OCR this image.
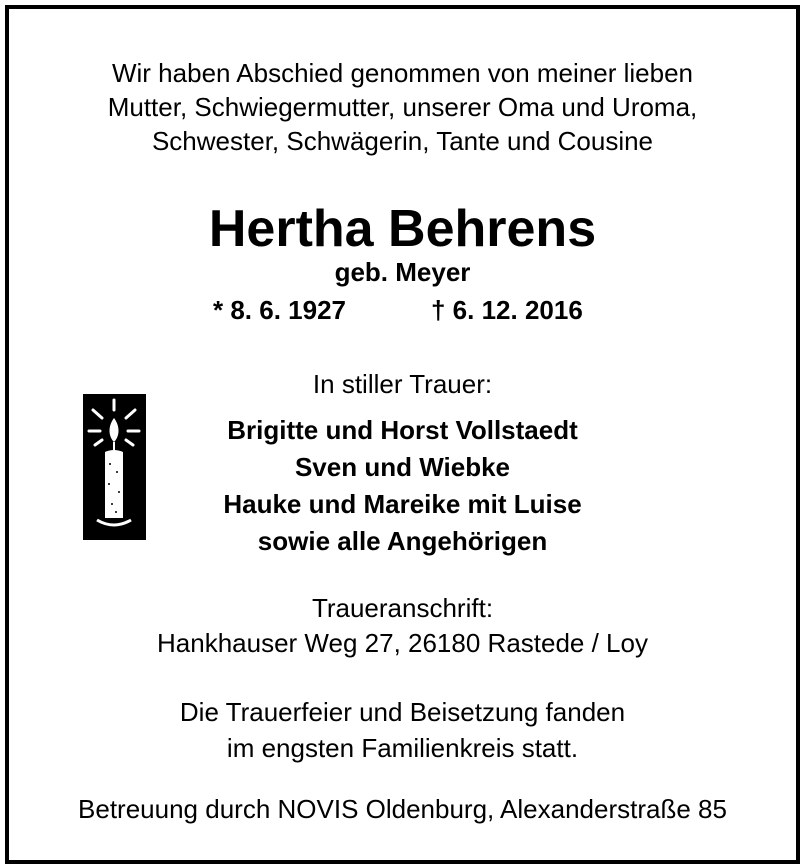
Wir haben Abschied genommen von meiner lieben
Mutter, Schwiegermutter, unserer Oma und Uroma,
Schwester, Schwägerin, Tante und Cousine
Hertha Behrens
geb. Meyer
* 8. 6. 1927	† 6. 12. 2016
In stiller Trauer:
Brigitte und Horst Vollstaedt
Sven und Wiebke
Hauke und Mareike mit Luise
sowie alle Angehörigen
Traueranschrift:
Hankhauser Weg 27, 26180 Rastede / Loy
Die Trauerfeier und Beisetzung fanden
im engsten Familienkreis statt.
Betreuung durch NOVIS Oldenburg, Alexanderstraße 85
